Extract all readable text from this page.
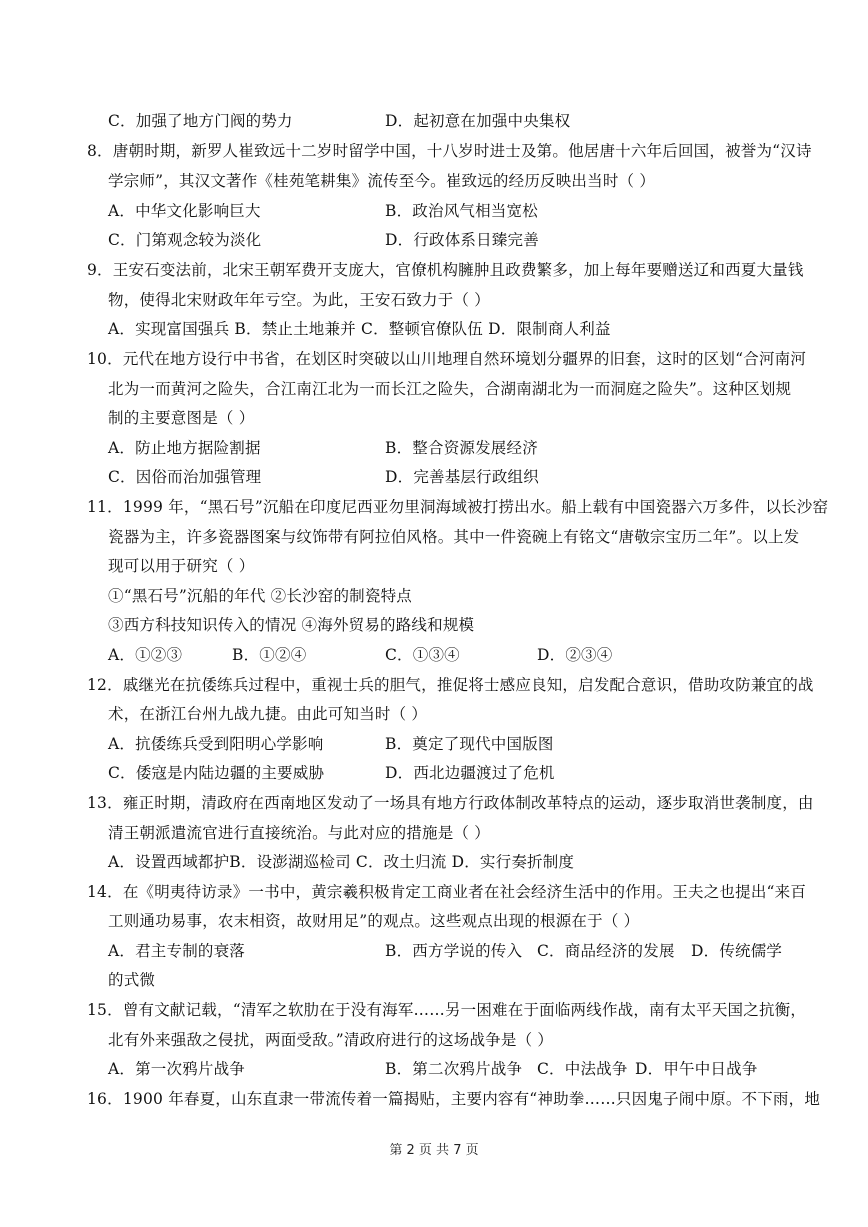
C．加强了地方门阀的势力	D．起初意在加强中央集权
8．唐朝时期，新罗人崔致远十二岁时留学中国，十八岁时进士及第。他居唐十六年后回国，被誉为“汉诗
学宗师”，其汉文著作《桂苑笔耕集》流传至今。崔致远的经历反映出当时（ ）
A．中华文化影响巨大	B．政治风气相当宽松
C．门第观念较为淡化	D．行政体系日臻完善
9．王安石变法前，北宋王朝军费开支庞大，官僚机构臃肿且政费繁多，加上每年要赠送辽和西夏大量钱
物，使得北宋财政年年亏空。为此，王安石致力于（ ）
A．实现富国强兵 B．禁止土地兼并 C．整顿官僚队伍 D．限制商人利益
10．元代在地方设行中书省，在划区时突破以山川地理自然环境划分疆界的旧套，这时的区划“合河南河
北为一而黄河之险失，合江南江北为一而长江之险失，合湖南湖北为一而洞庭之险失”。这种区划规
制的主要意图是（ ）
A．防止地方据险割据	B．整合资源发展经济
C．因俗而治加强管理	D．完善基层行政组织
11．1999 年，“黑石号”沉船在印度尼西亚勿里洞海域被打捞出水。船上载有中国瓷器六万多件，以长沙窑
瓷器为主，许多瓷器图案与纹饰带有阿拉伯风格。其中一件瓷碗上有铭文“唐敬宗宝历二年”。以上发
现可以用于研究（ ）
①“黑石号”沉船的年代 ②长沙窑的制瓷特点
③西方科技知识传入的情况 ④海外贸易的路线和规模
A．①②③	B．①②④	C．①③④	D．②③④
12．戚继光在抗倭练兵过程中，重视士兵的胆气，推促将士感应良知，启发配合意识，借助攻防兼宜的战
术，在浙江台州九战九捷。由此可知当时（ ）
A．抗倭练兵受到阳明心学影响	B．奠定了现代中国版图
C．倭寇是内陆边疆的主要威胁	D．西北边疆渡过了危机
13．雍正时期，清政府在西南地区发动了一场具有地方行政体制改革特点的运动，逐步取消世袭制度，由
清王朝派遣流官进行直接统治。与此对应的措施是（ ）
A．设置西域都护B．设澎湖巡检司 C．改土归流 D．实行奏折制度
14．在《明夷待访录》一书中，黄宗羲积极肯定工商业者在社会经济生活中的作用。王夫之也提出“来百
工则通功易事，农末相资，故财用足”的观点。这些观点出现的根源在于（ ）
A．君主专制的衰落	B．西方学说的传入 C．商品经济的发展 D．传统儒学
的式微
15．曾有文献记载，“清军之软肋在于没有海军……另一困难在于面临两线作战，南有太平天国之抗衡，
北有外来强敌之侵扰，两面受敌。”清政府进行的这场战争是（ ）
A．第一次鸦片战争	B．第二次鸦片战争 C．中法战争 D．甲午中日战争
16．1900 年春夏，山东直隶一带流传着一篇揭贴，主要内容有“神助拳……只因鬼子闹中原。不下雨，地
第 2 页 共 7 页
